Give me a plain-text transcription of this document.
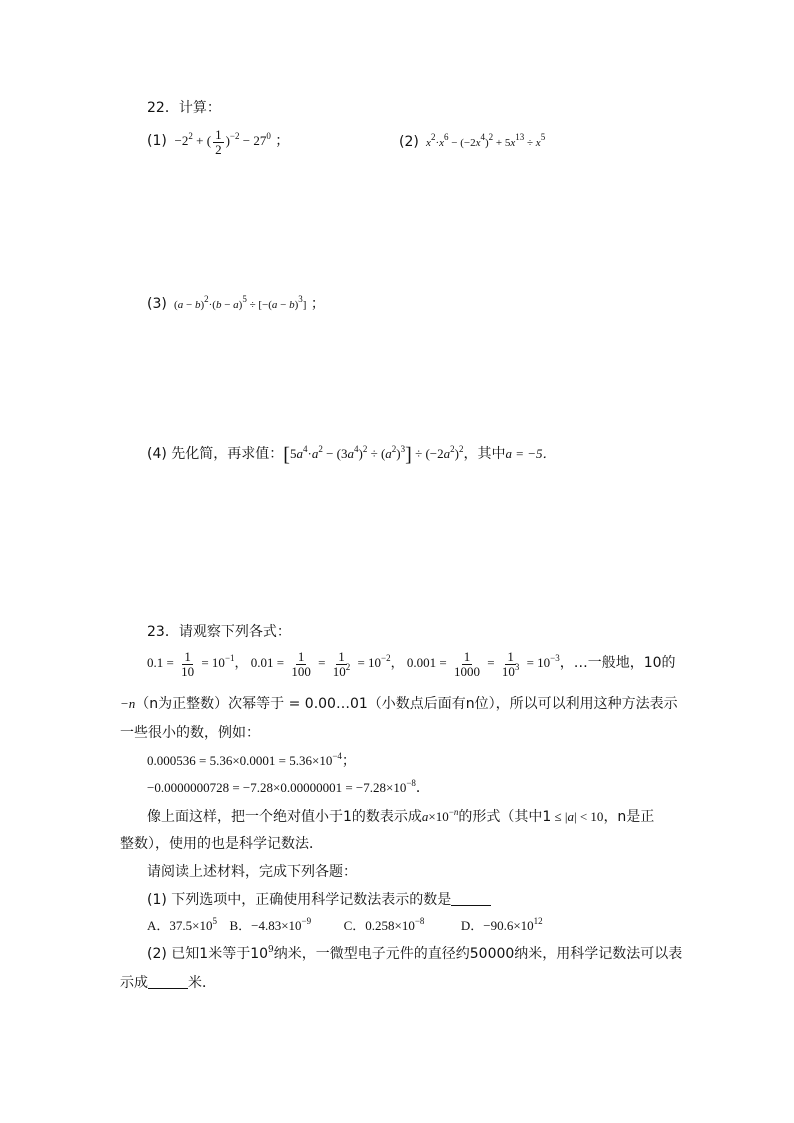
22．计算：
$(1) -2^2$ + ( $\frac{1}{2} )^{-2} - 27^0$ ；	(2) $x^2\cdot x^6 - (-2x^4)^2 + 5x^{13} \div x^5$
(3)  $(a - b)^2\cdot(b - a)^5 \div [-(a - b)^3]$ ；
(4) 先化简，再求值：$[5a^4\cdot a^2 - (3a^4)^2 \div (a^2)^3] \div (-2a^2)^2$，其中a = −5．
23．请观察下列各式：
$0.1 = \frac{1}{10} = 10^{-1}$， $0.01 = \frac{1}{100} = \frac{1}{10^2} = 10^{-2}$， $0.001 = \frac{1}{1000} = \frac{1}{10^3} = 10^{-3}$，…一般地，10的
−n（n为正整数）次幂等于 = 0.00…01（小数点后面有n位），所以可以利用这种方法表示
一些很小的数，例如：
$0.000536 = 5.36\times 0.0001 = 5.36\times 10^{-4}$；
$-0.0000000728 = -7.28\times 0.00000001 = -7.28\times 10^{-8}$．
像上面这样，把一个绝对值小于1的数表示成$a\times 10^{-n}$的形式（其中1 ≤ |a| < 10，n是正
整数），使用的也是科学记数法．
请阅读上述材料，完成下列各题：
(1) 下列选项中，正确使用科学记数法表示的数是
A．$37.5\times 10^5$ B．$-4.83\times 10^{-9}$ C．$0.258\times 10^{-8}$	D．$-90.6\times 10^{12}$
(2) 已知1米等于$10^9$纳米，一微型电子元件的直径约50000纳米，用科学记数法可以表
示成	米．
